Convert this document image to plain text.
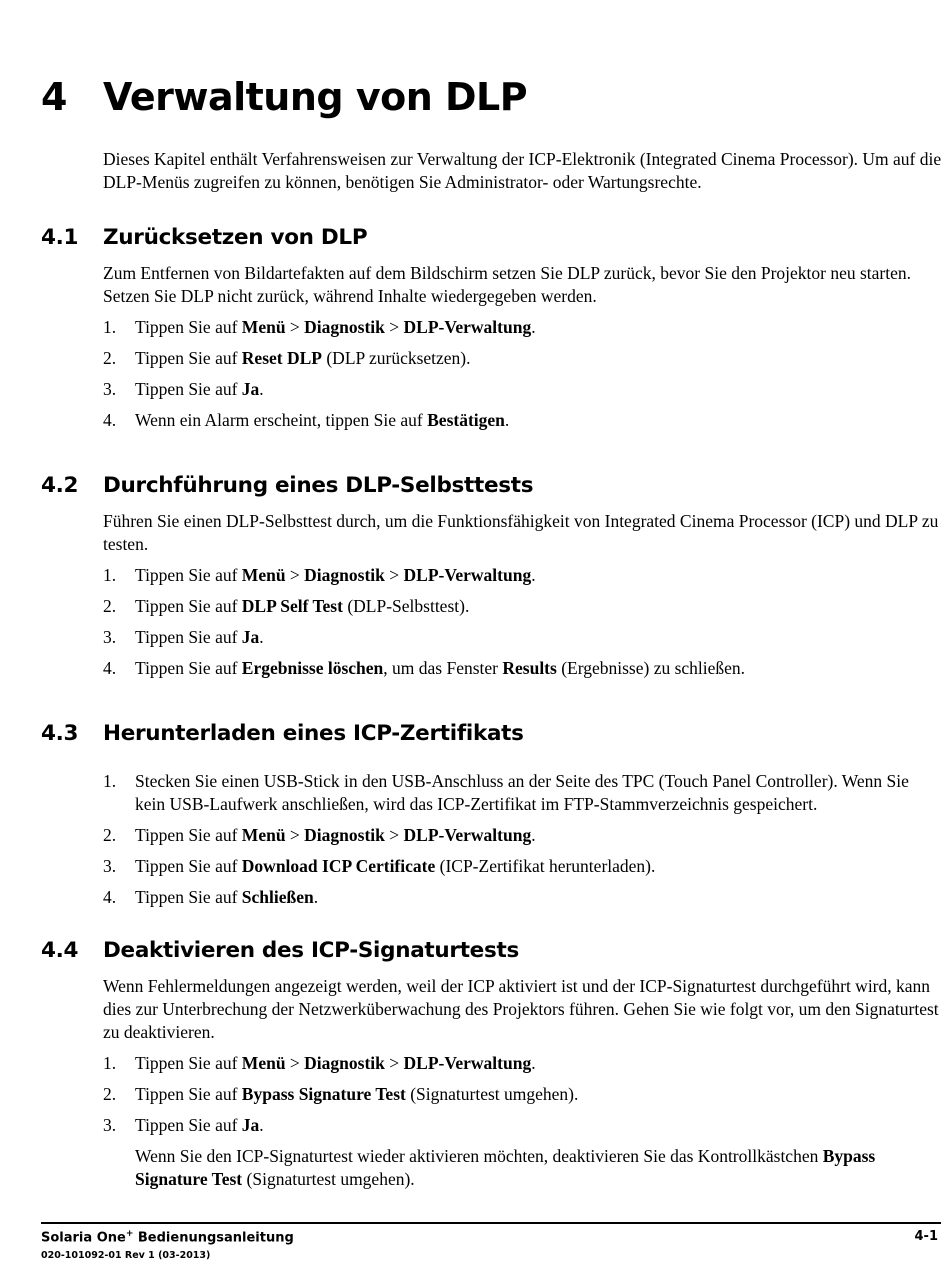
4 Verwaltung von DLP

Dieses Kapitel enthält Verfahrensweisen zur Verwaltung der ICP-Elektronik (Integrated Cinema Processor). Um auf die DLP-Menüs zugreifen zu können, benötigen Sie Administrator- oder Wartungsrechte.

4.1 Zurücksetzen von DLP

Zum Entfernen von Bildartefakten auf dem Bildschirm setzen Sie DLP zurück, bevor Sie den Projektor neu starten. Setzen Sie DLP nicht zurück, während Inhalte wiedergegeben werden.

1.	Tippen Sie auf Menü > Diagnostik > DLP-Verwaltung.
2.	Tippen Sie auf Reset DLP (DLP zurücksetzen).
3.	Tippen Sie auf Ja.
4.	Wenn ein Alarm erscheint, tippen Sie auf Bestätigen.
4.2 Durchführung eines DLP-Selbsttests

Führen Sie einen DLP-Selbsttest durch, um die Funktionsfähigkeit von Integrated Cinema Processor (ICP) und DLP zu testen.

1.	Tippen Sie auf Menü > Diagnostik > DLP-Verwaltung.
2.	Tippen Sie auf DLP Self Test (DLP-Selbsttest).
3.	Tippen Sie auf Ja.
4.	Tippen Sie auf Ergebnisse löschen, um das Fenster Results (Ergebnisse) zu schließen.
4.3 Herunterladen eines ICP-Zertifikats
1.	Stecken Sie einen USB-Stick in den USB-Anschluss an der Seite des TPC (Touch Panel Controller). Wenn Sie kein USB-Laufwerk anschließen, wird das ICP-Zertifikat im FTP-Stammverzeichnis gespeichert.
2.	Tippen Sie auf Menü > Diagnostik > DLP-Verwaltung.
3.	Tippen Sie auf Download ICP Certificate (ICP-Zertifikat herunterladen).
4.	Tippen Sie auf Schließen.
4.4 Deaktivieren des ICP-Signaturtests

Wenn Fehlermeldungen angezeigt werden, weil der ICP aktiviert ist und der ICP-Signaturtest durchgeführt wird, kann dies zur Unterbrechung der Netzwerküberwachung des Projektors führen. Gehen Sie wie folgt vor, um den Signaturtest zu deaktivieren.

1.	Tippen Sie auf Menü > Diagnostik > DLP-Verwaltung.
2.	Tippen Sie auf Bypass Signature Test (Signaturtest umgehen).
3.	Tippen Sie auf Ja.

Wenn Sie den ICP-Signaturtest wieder aktivieren möchten, deaktivieren Sie das Kontrollkästchen Bypass Signature Test (Signaturtest umgehen).

Solaria One+ Bedienungsanleitung	4-1
020-101092-01 Rev 1 (03-2013)
